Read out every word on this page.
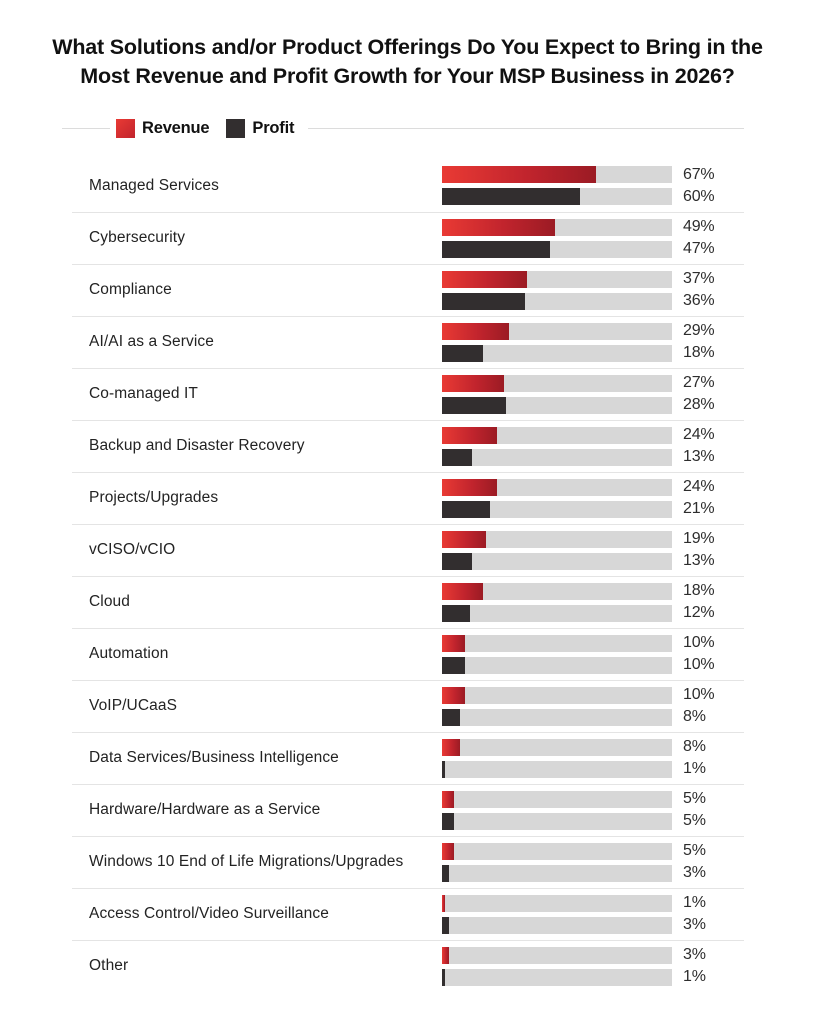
What Solutions and/or Product Offerings Do You Expect to Bring in the Most Revenue and Profit Growth for Your MSP Business in 2026?
Revenue	Profit
Managed Services
67%
60%
Cybersecurity
49%
47%
Compliance
37%
36%
AI/AI as a Service
29%
18%
Co-managed IT
27%
28%
Backup and Disaster Recovery
24%
13%
Projects/Upgrades
24%
21%
vCISO/vCIO
19%
13%
Cloud
18%
12%
Automation
10%
10%
VoIP/UCaaS
10%
8%
Data Services/Business Intelligence
8%
1%
Hardware/Hardware as a Service
5%
5%
Windows 10 End of Life Migrations/Upgrades
5%
3%
Access Control/Video Surveillance
1%
3%
Other
3%
1%
